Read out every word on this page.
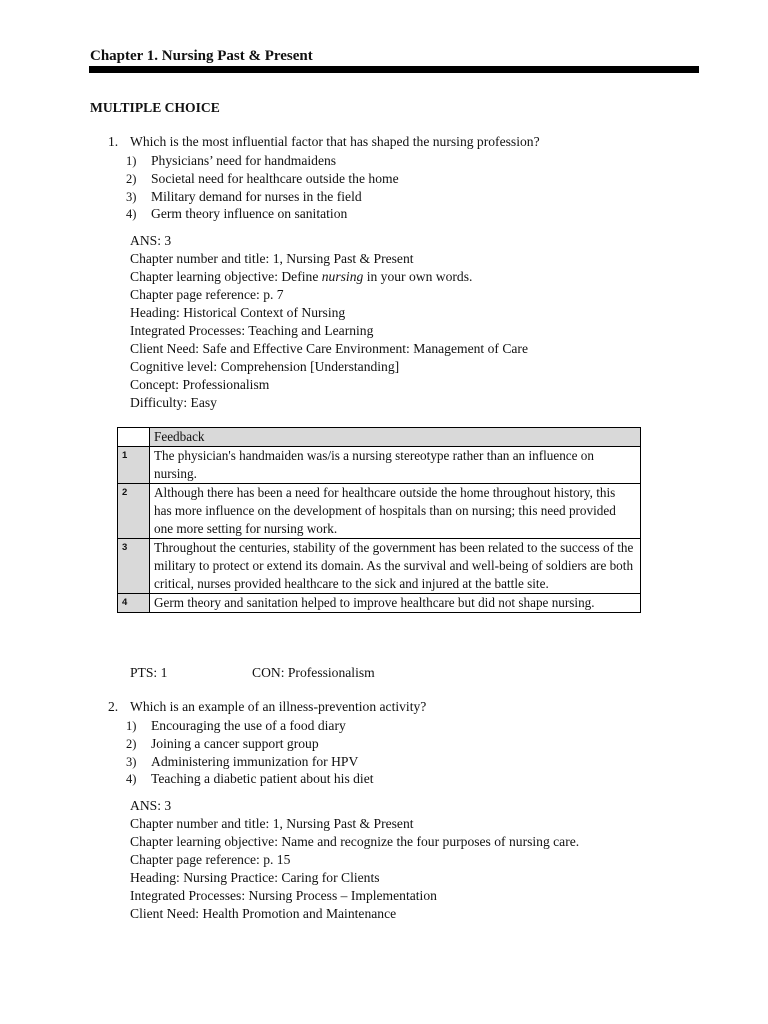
Chapter 1. Nursing Past & Present
MULTIPLE CHOICE
1. Which is the most influential factor that has shaped the nursing profession?
1) Physicians’ need for handmaidens
2) Societal need for healthcare outside the home
3) Military demand for nurses in the field
4) Germ theory influence on sanitation
ANS: 3
Chapter number and title: 1, Nursing Past & Present
Chapter learning objective: Define nursing in your own words.
Chapter page reference: p. 7
Heading: Historical Context of Nursing
Integrated Processes: Teaching and Learning
Client Need: Safe and Effective Care Environment: Management of Care
Cognitive level: Comprehension [Understanding]
Concept: Professionalism
Difficulty: Easy
	Feedback
1	The physician's handmaiden was/is a nursing stereotype rather than an influence on nursing.
2	Although there has been a need for healthcare outside the home throughout history, this has more influence on the development of hospitals than on nursing; this need provided one more setting for nursing work.
3	Throughout the centuries, stability of the government has been related to the success of the military to protect or extend its domain. As the survival and well-being of soldiers are both critical, nurses provided healthcare to the sick and injured at the battle site.
4	Germ theory and sanitation helped to improve healthcare but did not shape nursing.
PTS: 1	CON: Professionalism
2. Which is an example of an illness-prevention activity?
1) Encouraging the use of a food diary
2) Joining a cancer support group
3) Administering immunization for HPV
4) Teaching a diabetic patient about his diet
ANS: 3
Chapter number and title: 1, Nursing Past & Present
Chapter learning objective: Name and recognize the four purposes of nursing care.
Chapter page reference: p. 15
Heading: Nursing Practice: Caring for Clients
Integrated Processes: Nursing Process – Implementation
Client Need: Health Promotion and Maintenance
